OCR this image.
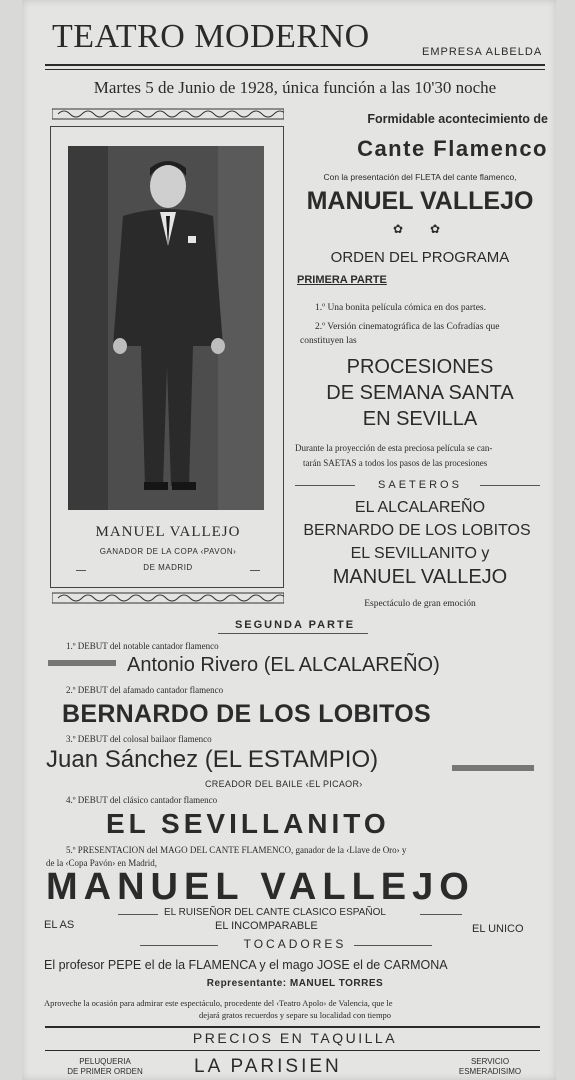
TEATRO MODERNO	EMPRESA ALBELDA
Martes 5 de Junio de 1928, única función a las 10'30 noche
MANUEL VALLEJO
GANADOR DE LA COPA ‹PAVON›
DE MADRID
Formidable acontecimiento de
Cante Flamenco
Con la presentación del FLETA del cante flamenco,
MANUEL VALLEJO
✿ ✿
ORDEN DEL PROGRAMA
PRIMERA PARTE
1.º Una bonita película cómica en dos partes.
2.º Versión cinematográfica de las Cofradías que
constituyen las
PROCESIONES
DE SEMANA SANTA
EN SEVILLA
Durante la proyección de esta preciosa película se can-
tarán SAETAS a todos los pasos de las procesiones
SAETEROS
EL ALCALAREÑO
BERNARDO DE LOS LOBITOS
EL SEVILLANITO y
MANUEL VALLEJO
Espectáculo de gran emoción
SEGUNDA PARTE
1.º DEBUT del notable cantador flamenco
Antonio Rivero (EL ALCALAREÑO)
2.º DEBUT del afamado cantador flamenco
BERNARDO DE LOS LOBITOS
3.º DEBUT del colosal bailaor flamenco
Juan Sánchez (EL ESTAMPIO)
CREADOR DEL BAILE ‹EL PICAOR›
4.º DEBUT del clásico cantador flamenco
EL SEVILLANITO
5.º PRESENTACION del MAGO DEL CANTE FLAMENCO, ganador de la ‹Llave de Oro› y
de la ‹Copa Pavón› en Madrid,
MANUEL VALLEJO
EL RUISEÑOR DEL CANTE CLASICO ESPAÑOL
EL AS	EL INCOMPARABLE	EL UNICO
TOCADORES
El profesor PEPE el de la FLAMENCA y el mago JOSE el de CARMONA
Representante: MANUEL TORRES
Aproveche la ocasión para admirar este espectáculo, procedente del ‹Teatro Apolo› de Valencia, que le
dejará gratos recuerdos y separe su localidad con tiempo
PRECIOS EN TAQUILLA
PELUQUERIA
DE PRIMER ORDEN	LA PARISIEN	SERVICIO
ESMERADISIMO
